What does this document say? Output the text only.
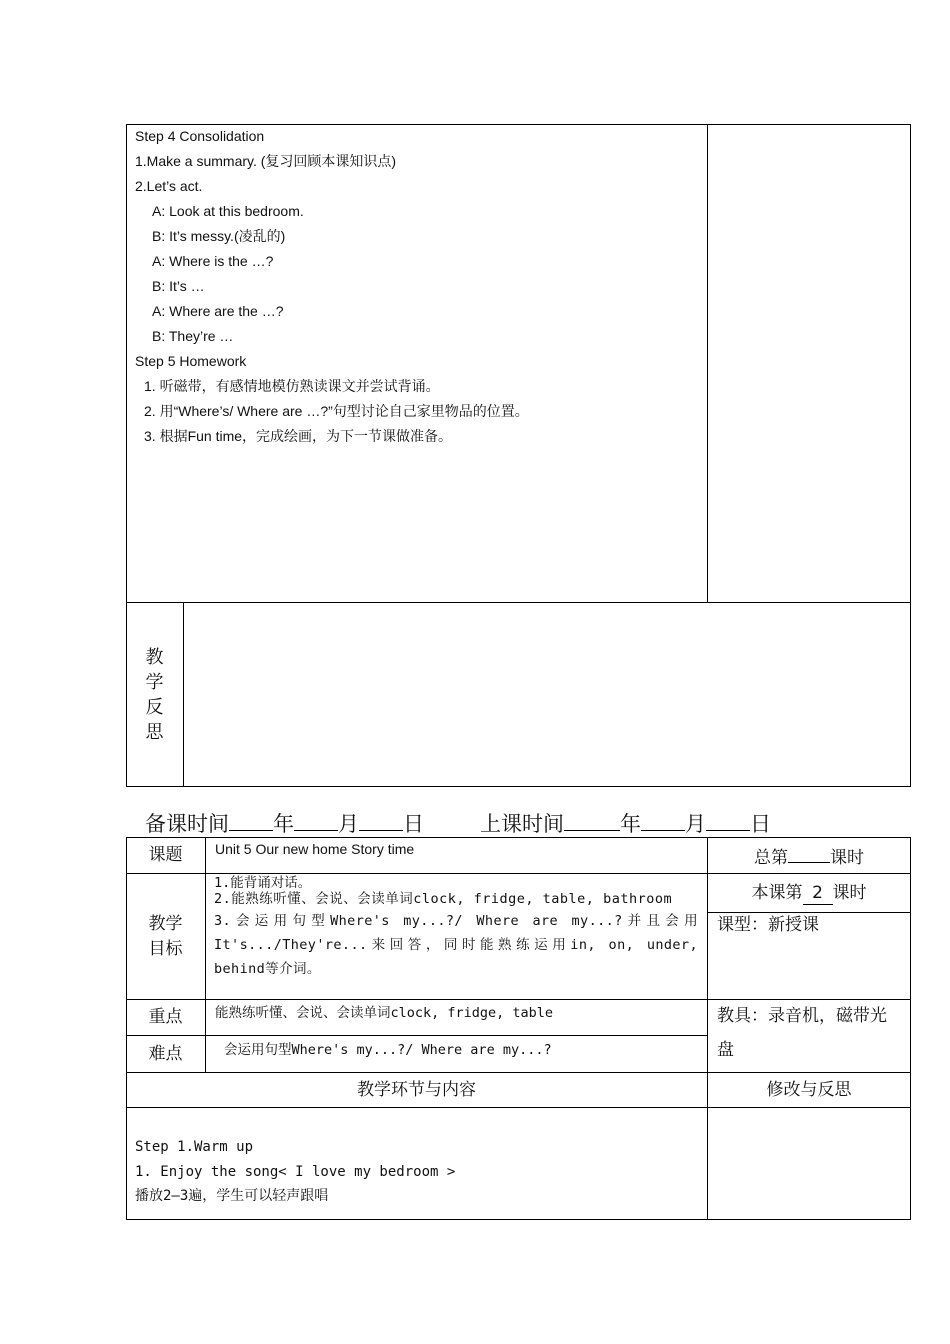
Step 4 Consolidation
1.Make a summary. (复习回顾本课知识点)
2.Let’s act.
A: Look at this bedroom.
B: It’s messy.(凌乱的)
A: Where is the …?
B: It’s …
A: Where are the …?
B: They’re …
Step 5 Homework
1. 听磁带，有感情地模仿熟读课文并尝试背诵。
2. 用“Where’s/ Where are …?”句型讨论自己家里物品的位置。
3. 根据Fun time，完成绘画，为下一节课做准备。
教
学
反
思
备课时间 年 月 日	上课时间	年 月 日
课题	Unit 5 Our new home Story time	总第 课时
教学
目标
1.能背诵对话。
2.能熟练听懂、会说、会读单词clock, fridge, table, bathroom
3.会运用句型Where's my...?/ Where are my...?并且会用It's.../They're...来回答，同时能熟练运用in, on, under, behind等介词。
本课第 2 课时
课型：新授课
重点	能熟练听懂、会说、会读单词clock, fridge, table	教具：录音机，磁带光盘
难点	会运用句型Where's my...?/ Where are my...?
教学环节与内容	修改与反思
Step 1.Warm up
1. Enjoy the song< I love my bedroom >
播放2—3遍，学生可以轻声跟唱
